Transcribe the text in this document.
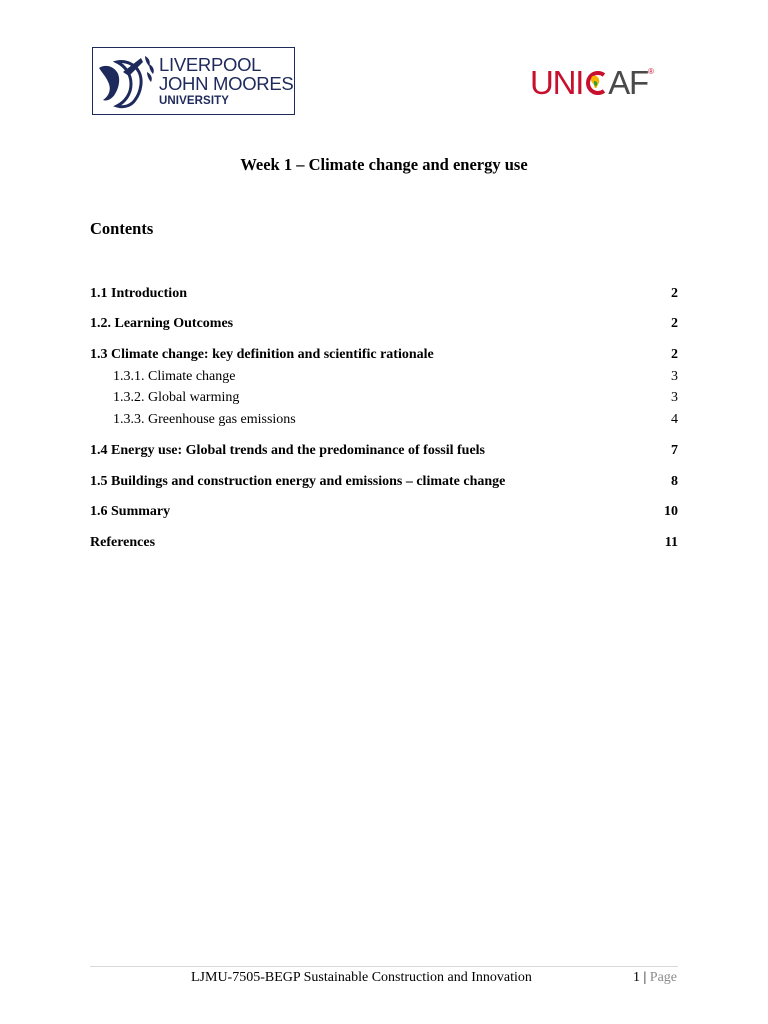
LIVERPOOL
JOHN MOORES
UNIVERSITY	UNI AF ®
Week 1 – Climate change and energy use
Contents
1.1 Introduction	2
1.2. Learning Outcomes	2
1.3 Climate change: key definition and scientific rationale	2
1.3.1. Climate change	3
1.3.2. Global warming	3
1.3.3. Greenhouse gas emissions	4
1.4 Energy use: Global trends and the predominance of fossil fuels	7
1.5 Buildings and construction energy and emissions – climate change	8
1.6 Summary	10
References	11
LJMU-7505-BEGP Sustainable Construction and Innovation	1 | Page
